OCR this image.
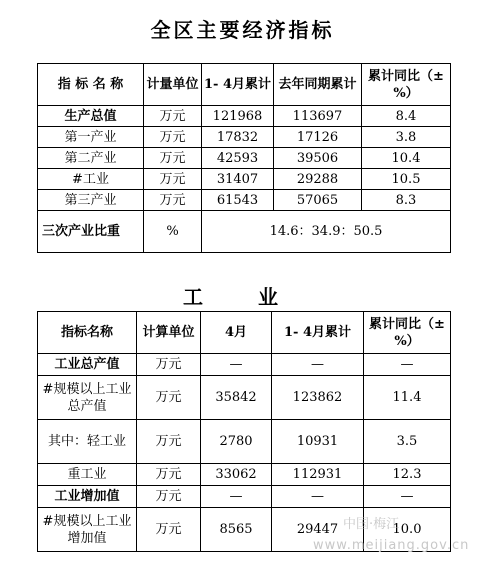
全区主要经济指标
指 标 名 称	计量单位	1- 4月累计	去年同期累计	累计同比（±%）
生产总值	万元	121968	113697	8.4
第一产业	万元	17832	17126	3.8
第二产业	万元	42593	39506	10.4
#工业	万元	31407	29288	10.5
第三产业	万元	61543	57065	8.3
三次产业比重	%	14.6：34.9：50.5		
工 业
指标名称	计算单位	4月	1- 4月累计	累计同比（±%）
工业总产值	万元	—	—	—
#规模以上工业总产值	万元	35842	123862	11.4
其中：轻工业	万元	2780	10931	3.5
重工业	万元	33062	112931	12.3
工业增加值	万元	—	—	—
#规模以上工业增加值	万元	8565	29447	10.0
中国·梅江
www.meijiang.gov.cn
